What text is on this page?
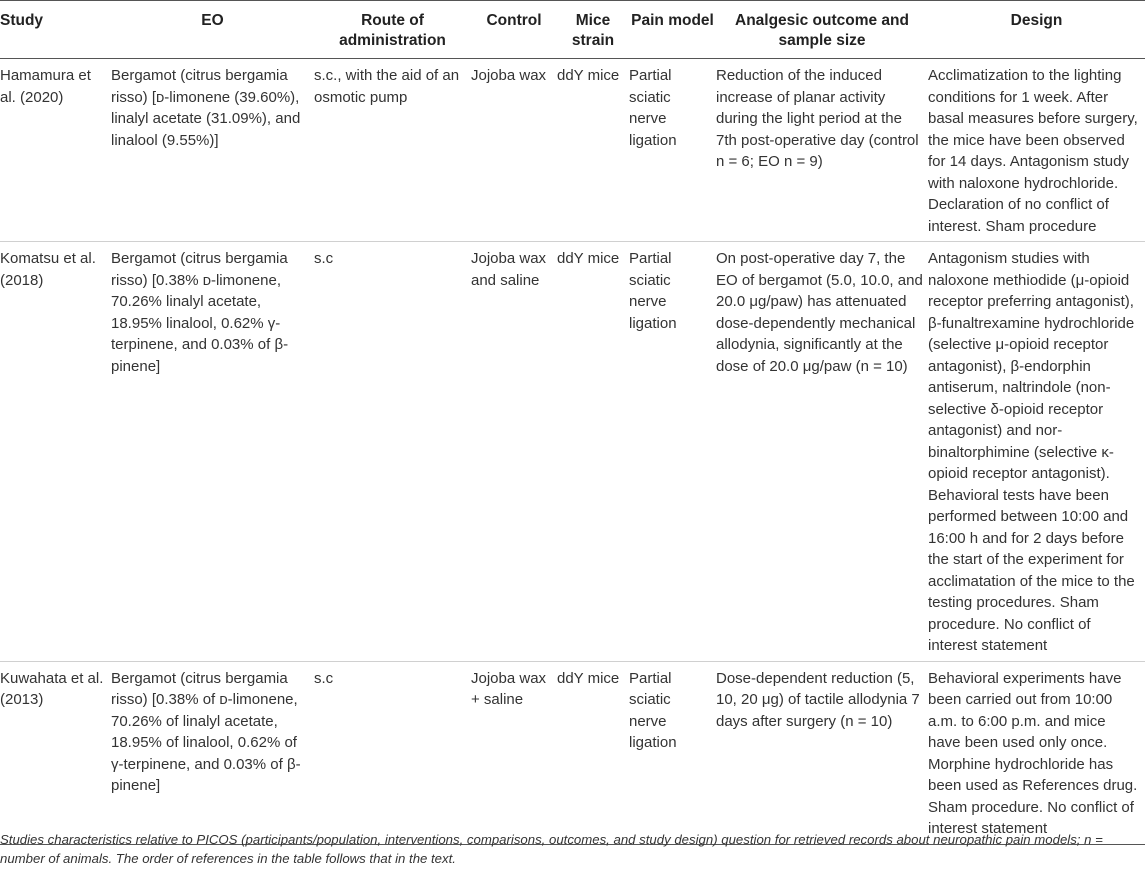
Study	EO	Route of administration	Control	Mice strain	Pain model	Analgesic outcome and sample size	Design
Hamamura et al. (2020)	Bergamot (citrus bergamia risso) [ᴅ-limonene (39.60%), linalyl acetate (31.09%), and linalool (9.55%)]	s.c., with the aid of an osmotic pump	Jojoba wax	ddY mice	Partial sciatic nerve ligation	Reduction of the induced increase of planar activity during the light period at the 7th post-operative day (control n = 6; EO n = 9)	Acclimatization to the lighting conditions for 1 week. After basal measures before surgery, the mice have been observed for 14 days. Antagonism study with naloxone hydrochloride. Declaration of no conflict of interest. Sham procedure
Komatsu et al. (2018)	Bergamot (citrus bergamia risso) [0.38% ᴅ-limonene, 70.26% linalyl acetate, 18.95% linalool, 0.62% γ-terpinene, and 0.03% of β-pinene]	s.c	Jojoba wax and saline	ddY mice	Partial sciatic nerve ligation	On post-operative day 7, the EO of bergamot (5.0, 10.0, and 20.0 μg/paw) has attenuated dose-dependently mechanical allodynia, significantly at the dose of 20.0 μg/paw (n = 10)	Antagonism studies with naloxone methiodide (μ-opioid receptor preferring antagonist), β-funaltrexamine hydrochloride (selective μ-opioid receptor antagonist), β-endorphin antiserum, naltrindole (non-selective δ-opioid receptor antagonist) and nor-binaltorphimine (selective κ-opioid receptor antagonist). Behavioral tests have been performed between 10:00 and 16:00 h and for 2 days before the start of the experiment for acclimatation of the mice to the testing procedures. Sham procedure. No conflict of interest statement
Kuwahata et al. (2013)	Bergamot (citrus bergamia risso) [0.38% of ᴅ-limonene, 70.26% of linalyl acetate, 18.95% of linalool, 0.62% of γ-terpinene, and 0.03% of β-pinene]	s.c	Jojoba wax + saline	ddY mice	Partial sciatic nerve ligation	Dose-dependent reduction (5, 10, 20 μg) of tactile allodynia 7 days after surgery (n = 10)	Behavioral experiments have been carried out from 10:00 a.m. to 6:00 p.m. and mice have been used only once. Morphine hydrochloride has been used as References drug. Sham procedure. No conflict of interest statement
Studies characteristics relative to PICOS (participants/population, interventions, comparisons, outcomes, and study design) question for retrieved records about neuropathic pain models; n = number of animals. The order of references in the table follows that in the text.
